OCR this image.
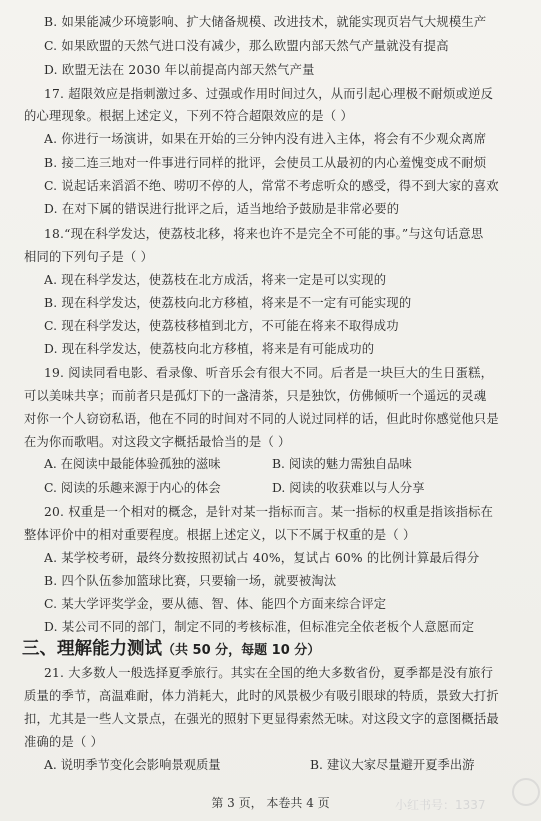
B. 如果能减少环境影响、扩大储备规模、改进技术，就能实现页岩气大规模生产
C. 如果欧盟的天然气进口没有减少，那么欧盟内部天然气产量就没有提高
D. 欧盟无法在 2030 年以前提高内部天然气产量
17. 超限效应是指刺激过多、过强或作用时间过久，从而引起心理极不耐烦或逆反
的心理现象。根据上述定义，下列不符合超限效应的是（ ）
A. 你进行一场演讲，如果在开始的三分钟内没有进入主体，将会有不少观众离席
B. 接二连三地对一件事进行同样的批评，会使员工从最初的内心羞愧变成不耐烦
C. 说起话来滔滔不绝、唠叨不停的人，常常不考虑听众的感受，得不到大家的喜欢
D. 在对下属的错误进行批评之后，适当地给予鼓励是非常必要的
18.“现在科学发达，使荔枝北移，将来也许不是完全不可能的事。”与这句话意思
相同的下列句子是（ ）
A. 现在科学发达，使荔枝在北方成活，将来一定是可以实现的
B. 现在科学发达，使荔枝向北方移植，将来是不一定有可能实现的
C. 现在科学发达，使荔枝移植到北方，不可能在将来不取得成功
D. 现在科学发达，使荔枝向北方移植，将来是有可能成功的
19. 阅读同看电影、看录像、听音乐会有很大不同。后者是一块巨大的生日蛋糕，
可以美味共享；而前者只是孤灯下的一盏清茶，只是独饮，仿佛倾听一个遥远的灵魂
对你一个人窃窃私语，他在不同的时间对不同的人说过同样的话，但此时你感觉他只是
在为你而歌唱。对这段文字概括最恰当的是（ ）
A. 在阅读中最能体验孤独的滋味	B. 阅读的魅力需独自品味
C. 阅读的乐趣来源于内心的体会	D. 阅读的收获难以与人分享
20. 权重是一个相对的概念，是针对某一指标而言。某一指标的权重是指该指标在
整体评价中的相对重要程度。根据上述定义，以下不属于权重的是（ ）
A. 某学校考研，最终分数按照初试占 40%，复试占 60% 的比例计算最后得分
B. 四个队伍参加篮球比赛，只要输一场，就要被淘汰
C. 某大学评奖学金，要从德、智、体、能四个方面来综合评定
D. 某公司不同的部门，制定不同的考核标准，但标准完全依老板个人意愿而定
三、理解能力测试（共 50 分，每题 10 分）
21. 大多数人一般选择夏季旅行。其实在全国的绝大多数省份，夏季都是没有旅行
质量的季节，高温难耐，体力消耗大，此时的风景极少有吸引眼球的特质，景致大打折
扣，尤其是一些人文景点，在强光的照射下更显得索然无味。对这段文字的意图概括最
准确的是（ ）
A. 说明季节变化会影响景观质量	B. 建议大家尽量避开夏季出游
第 3 页， 本卷共 4 页	小红书号：1337
